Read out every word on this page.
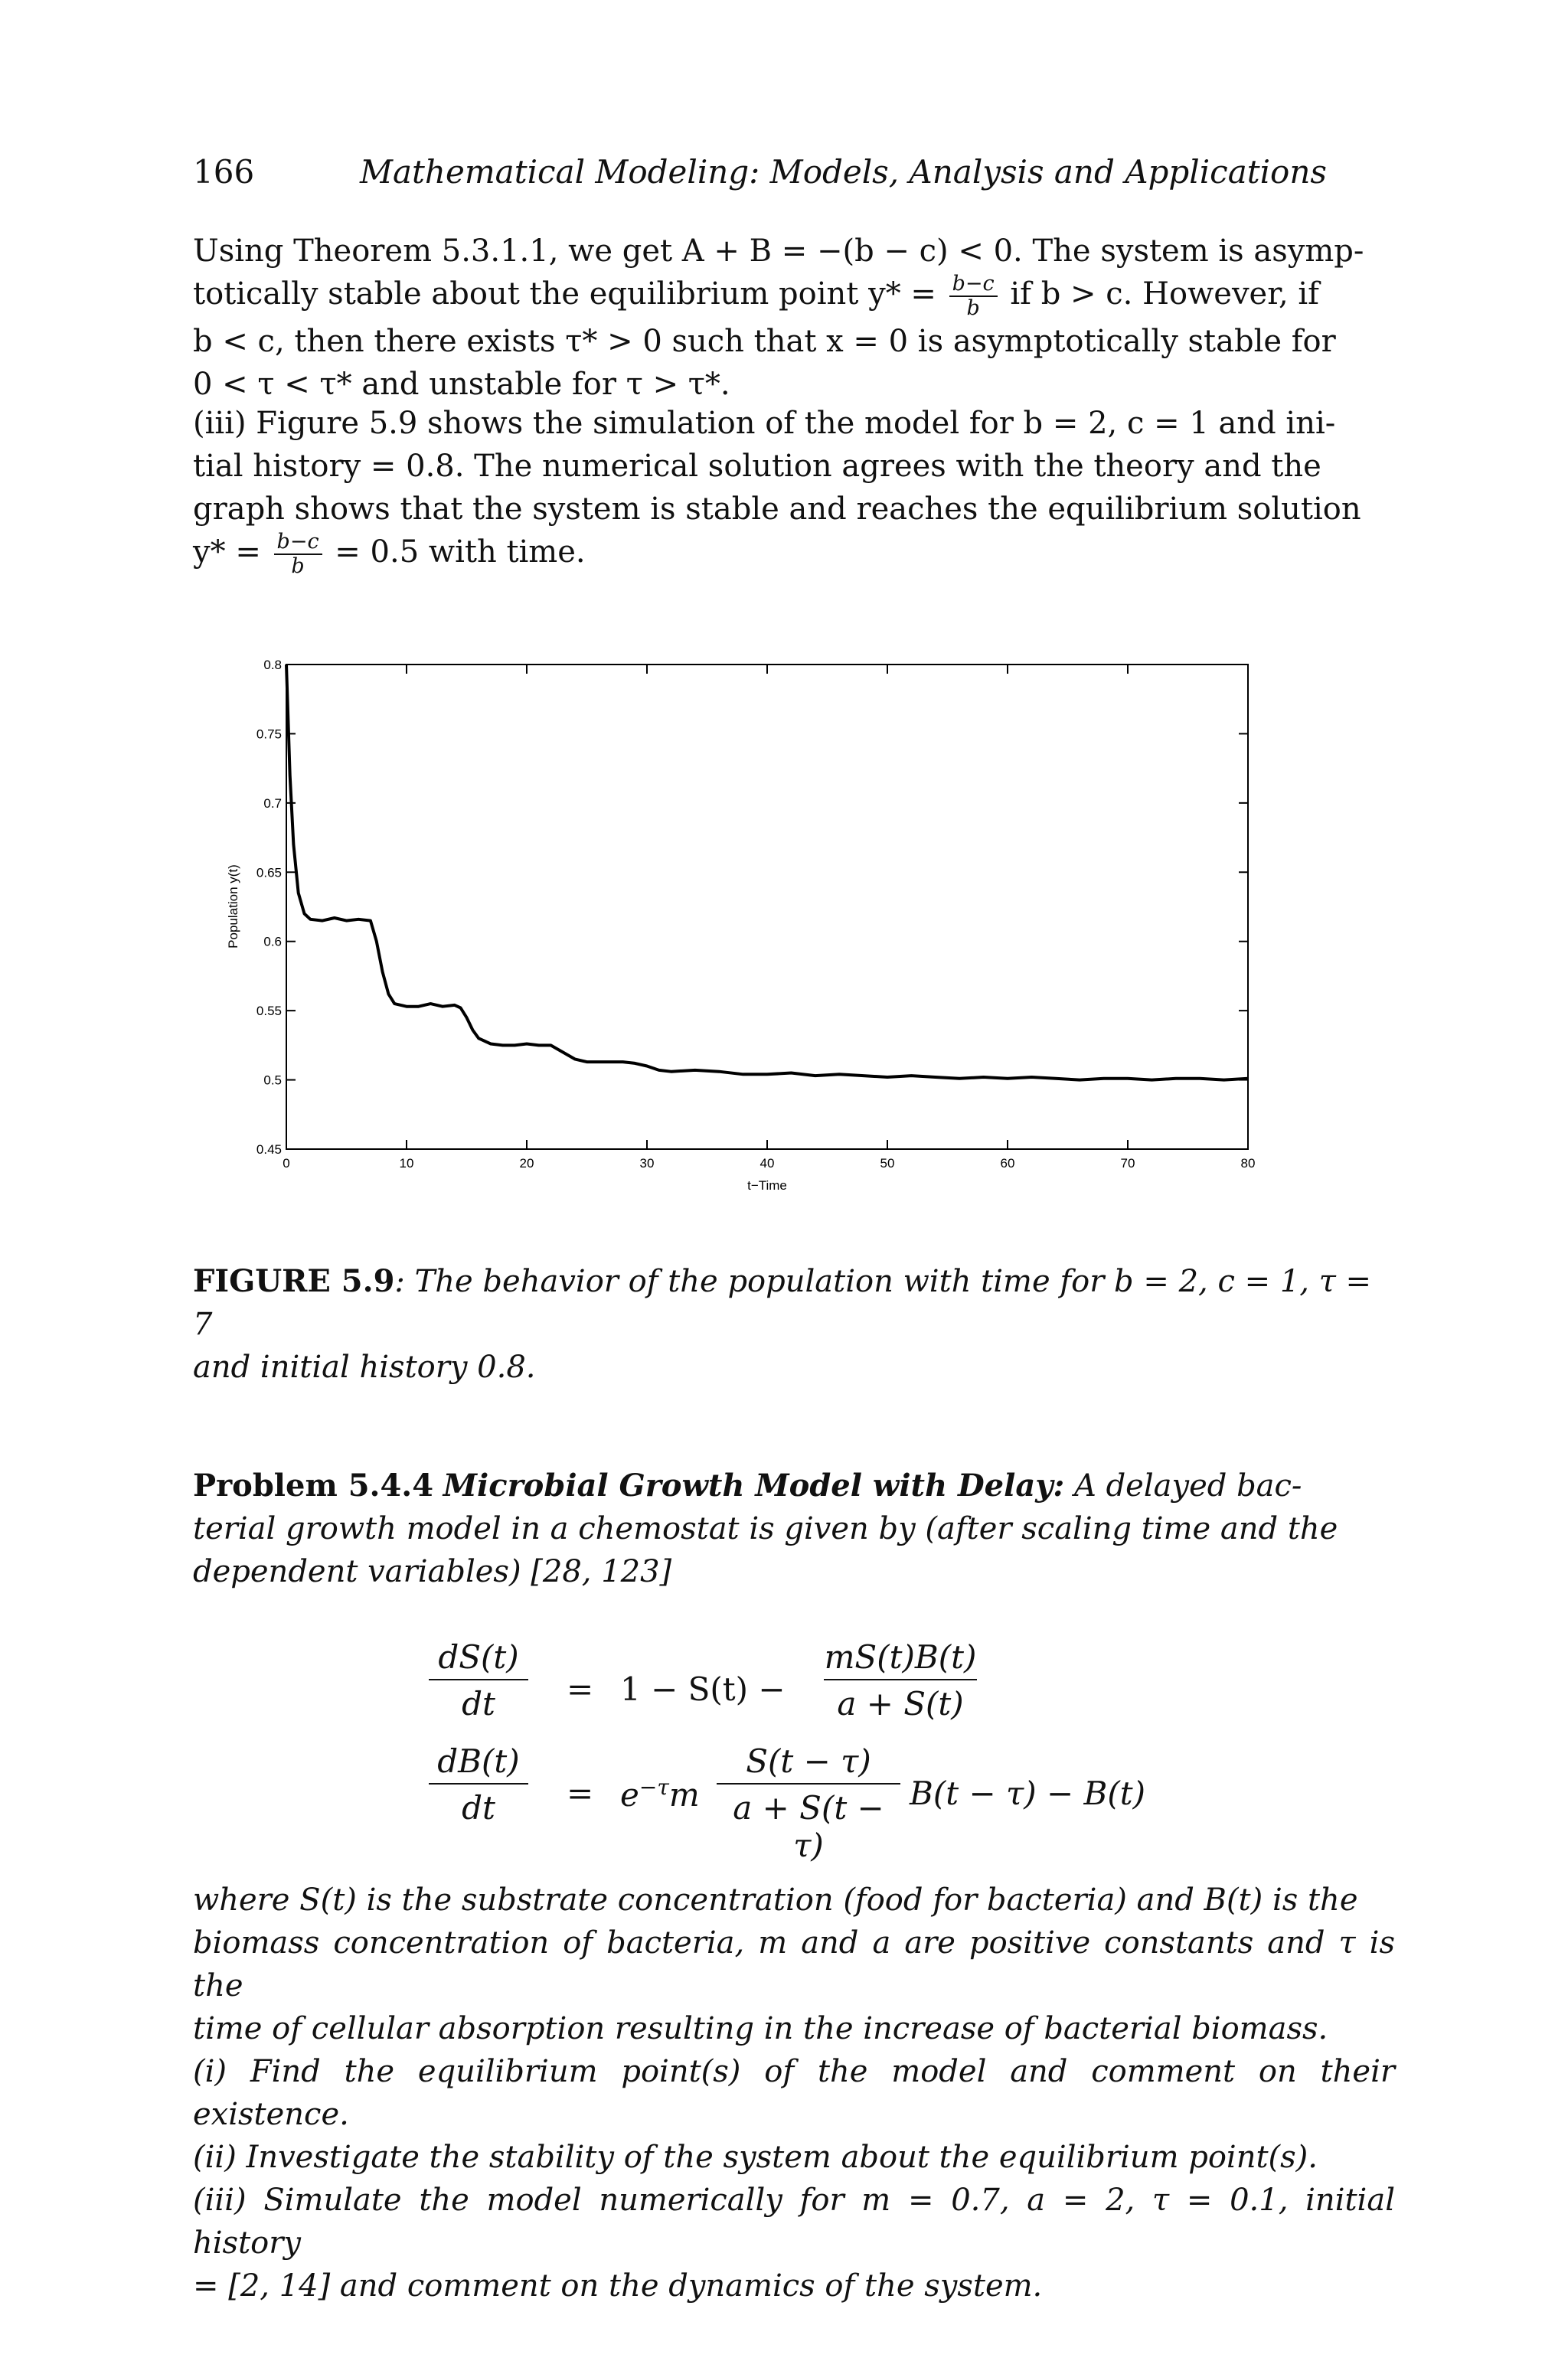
166	Mathematical Modeling: Models, Analysis and Applications

Using Theorem 5.3.1.1, we get A + B = −(b − c) < 0. The system is asymp-

totically stable about the equilibrium point $y* = \frac{b-c}{b}$ if b > c. However, if

b < c, then there exists τ* > 0 such that x = 0 is asymptotically stable for

0 < τ < τ* and unstable for τ > τ*.

(iii) Figure 5.9 shows the simulation of the model for b = 2, c = 1 and ini-

tial history = 0.8. The numerical solution agrees with the theory and the

graph shows that the system is stable and reaches the equilibrium solution

$y* = \frac{b-c}{b} = 0.5$ with time.

0.45
0.5
0.55
0.6
0.65
0.7
0.75
0.8
0	10	20	30	40	50	60	70	80
t−Time
Population y(t)
FIGURE 5.9: The behavior of the population with time for b = 2, c = 1, τ = 7
and initial history 0.8.
Problem 5.4.4 Microbial Growth Model with Delay: A delayed bac-
terial growth model in a chemostat is given by (after scaling time and the
dependent variables) [28, 123]
$\frac{dS(t)}{dt} = 1 - S(t) - \frac{mS(t)B(t)}{a + S(t)}$
$\frac{dB(t)}{dt} = e^{-\tau}m \frac{S(t - \tau)}{a + S(t - \tau)} B(t - \tau) - B(t)$

where S(t) is the substrate concentration (food for bacteria) and B(t) is the

biomass concentration of bacteria, m and a are positive constants and τ is the

time of cellular absorption resulting in the increase of bacterial biomass.

(i) Find the equilibrium point(s) of the model and comment on their existence.

(ii) Investigate the stability of the system about the equilibrium point(s).

(iii) Simulate the model numerically for m = 0.7, a = 2, τ = 0.1, initial history

= [2, 14] and comment on the dynamics of the system.
